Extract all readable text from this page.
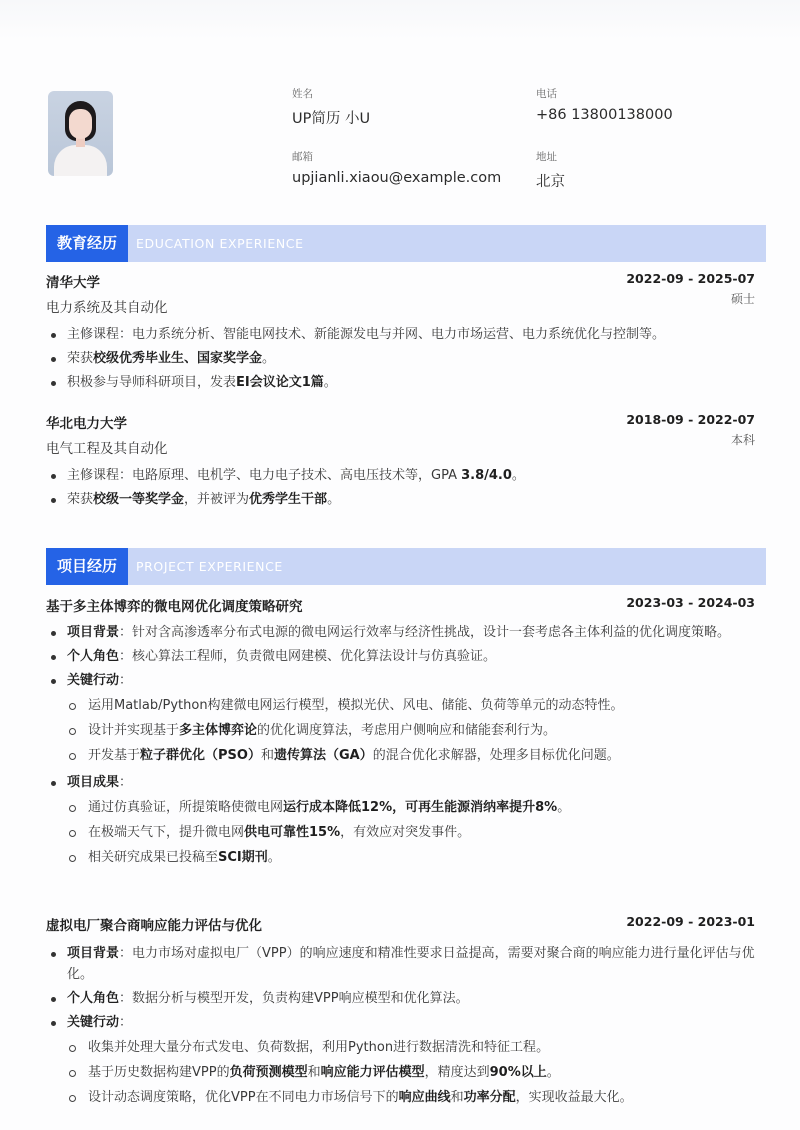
姓名
UP简历 小U
电话
+86 13800138000
邮箱
upjianli.xiaou@example.com
地址
北京
教育经历	EDUCATION EXPERIENCE
清华大学	2022-09 - 2025-07
电力系统及其自动化
硕士
主修课程：电力系统分析、智能电网技术、新能源发电与并网、电力市场运营、电力系统优化与控制等。
荣获校级优秀毕业生、国家奖学金。
积极参与导师科研项目，发表EI会议论文1篇。
华北电力大学	2018-09 - 2022-07
电气工程及其自动化
本科
主修课程：电路原理、电机学、电力电子技术、高电压技术等，GPA 3.8/4.0。
荣获校级一等奖学金，并被评为优秀学生干部。
项目经历	PROJECT EXPERIENCE
基于多主体博弈的微电网优化调度策略研究	2023-03 - 2024-03
项目背景：针对含高渗透率分布式电源的微电网运行效率与经济性挑战，设计一套考虑各主体利益的优化调度策略。
个人角色：核心算法工程师，负责微电网建模、优化算法设计与仿真验证。
关键行动：
运用Matlab/Python构建微电网运行模型，模拟光伏、风电、储能、负荷等单元的动态特性。
设计并实现基于多主体博弈论的优化调度算法，考虑用户侧响应和储能套利行为。
开发基于粒子群优化（PSO）和遗传算法（GA）的混合优化求解器，处理多目标优化问题。
项目成果：
通过仿真验证，所提策略使微电网运行成本降低12%，可再生能源消纳率提升8%。
在极端天气下，提升微电网供电可靠性15%，有效应对突发事件。
相关研究成果已投稿至SCI期刊。
虚拟电厂聚合商响应能力评估与优化	2022-09 - 2023-01
项目背景：电力市场对虚拟电厂（VPP）的响应速度和精准性要求日益提高，需要对聚合商的响应能力进行量化评估与优化。
个人角色：数据分析与模型开发，负责构建VPP响应模型和优化算法。
关键行动：
收集并处理大量分布式发电、负荷数据，利用Python进行数据清洗和特征工程。
基于历史数据构建VPP的负荷预测模型和响应能力评估模型，精度达到90%以上。
设计动态调度策略，优化VPP在不同电力市场信号下的响应曲线和功率分配，实现收益最大化。
